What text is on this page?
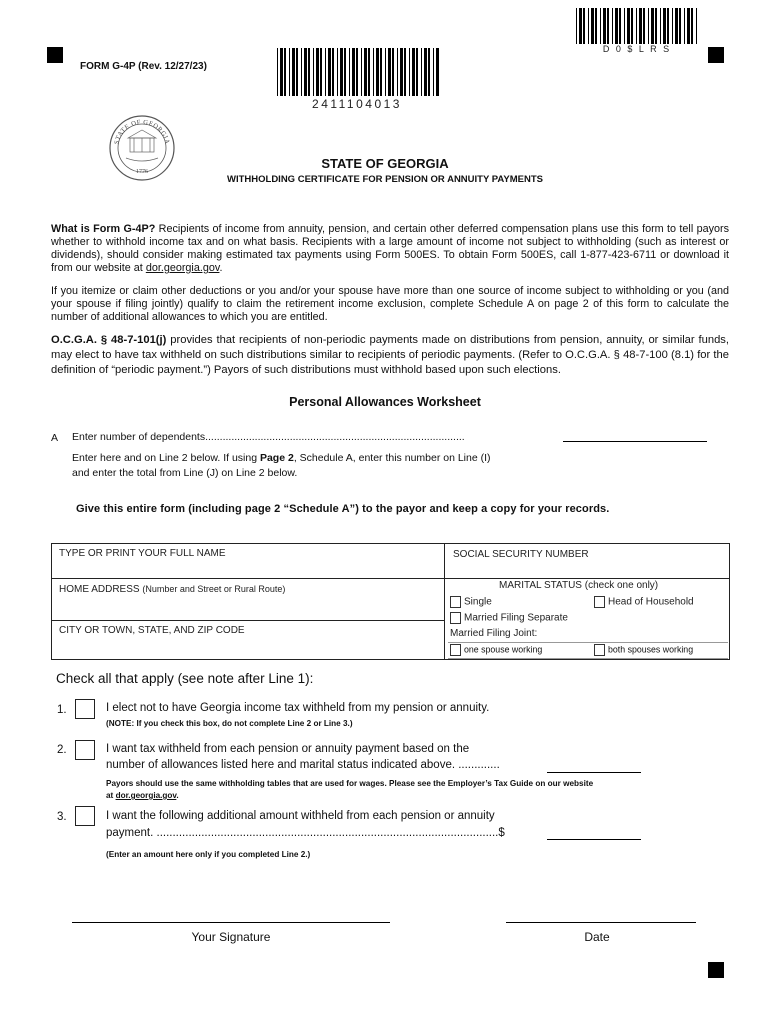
D 0 $ L R S
2411104013
FORM G-4P (Rev. 12/27/23)
STATE OF GEORGIA
1776
STATE OF GEORGIA
WITHHOLDING CERTIFICATE FOR PENSION OR ANNUITY PAYMENTS
What is Form G-4P? Recipients of income from annuity, pension, and certain other deferred compensation plans use this form to tell payors whether to withhold income tax and on what basis. Recipients with a large amount of income not subject to withholding (such as interest or dividends), should consider making estimated tax payments using Form 500ES. To obtain Form 500ES, call 1-877-423-6711 or download it from our website at dor.georgia.gov.
If you itemize or claim other deductions or you and/or your spouse have more than one source of income subject to withholding or you (and your spouse if filing jointly) qualify to claim the retirement income exclusion, complete Schedule A on page 2 of this form to calculate the number of additional allowances to which you are entitled.
O.C.G.A. § 48-7-101(j) provides that recipients of non-periodic payments made on distributions from pension, annuity, or similar funds, may elect to have tax withheld on such distributions similar to recipients of periodic payments. (Refer to O.C.G.A. § 48-7-100 (8.1) for the definition of “periodic payment.”) Payors of such distributions must withhold based upon such elections.
Personal Allowances Worksheet
A Enter number of dependents.........................................................................................
Enter here and on Line 2 below. If using Page 2, Schedule A, enter this number on Line (I)
and enter the total from Line (J) on Line 2 below.
Give this entire form (including page 2 “Schedule A”) to the payor and keep a copy for your records.
TYPE OR PRINT YOUR FULL NAME	SOCIAL SECURITY NUMBER
HOME ADDRESS (Number and Street or Rural Route)
CITY OR TOWN, STATE, AND ZIP CODE
MARITAL STATUS (check one only)
Single	Head of Household
Married Filing Separate
Married Filing Joint:
one spouse working	both spouses working
Check all that apply (see note after Line 1):
1.	I elect not to have Georgia income tax withheld from my pension or annuity.
(NOTE: If you check this box, do not complete Line 2 or Line 3.)
2.	I want tax withheld from each pension or annuity payment based on the
number of allowances listed here and marital status indicated above. .............
Payors should use the same withholding tables that are used for wages. Please see the Employer’s Tax Guide on our website
at dor.georgia.gov.
3.	I want the following additional amount withheld from each pension or annuity
payment. ...........................................................................................................$
(Enter an amount here only if you completed Line 2.)
Your Signature	Date
